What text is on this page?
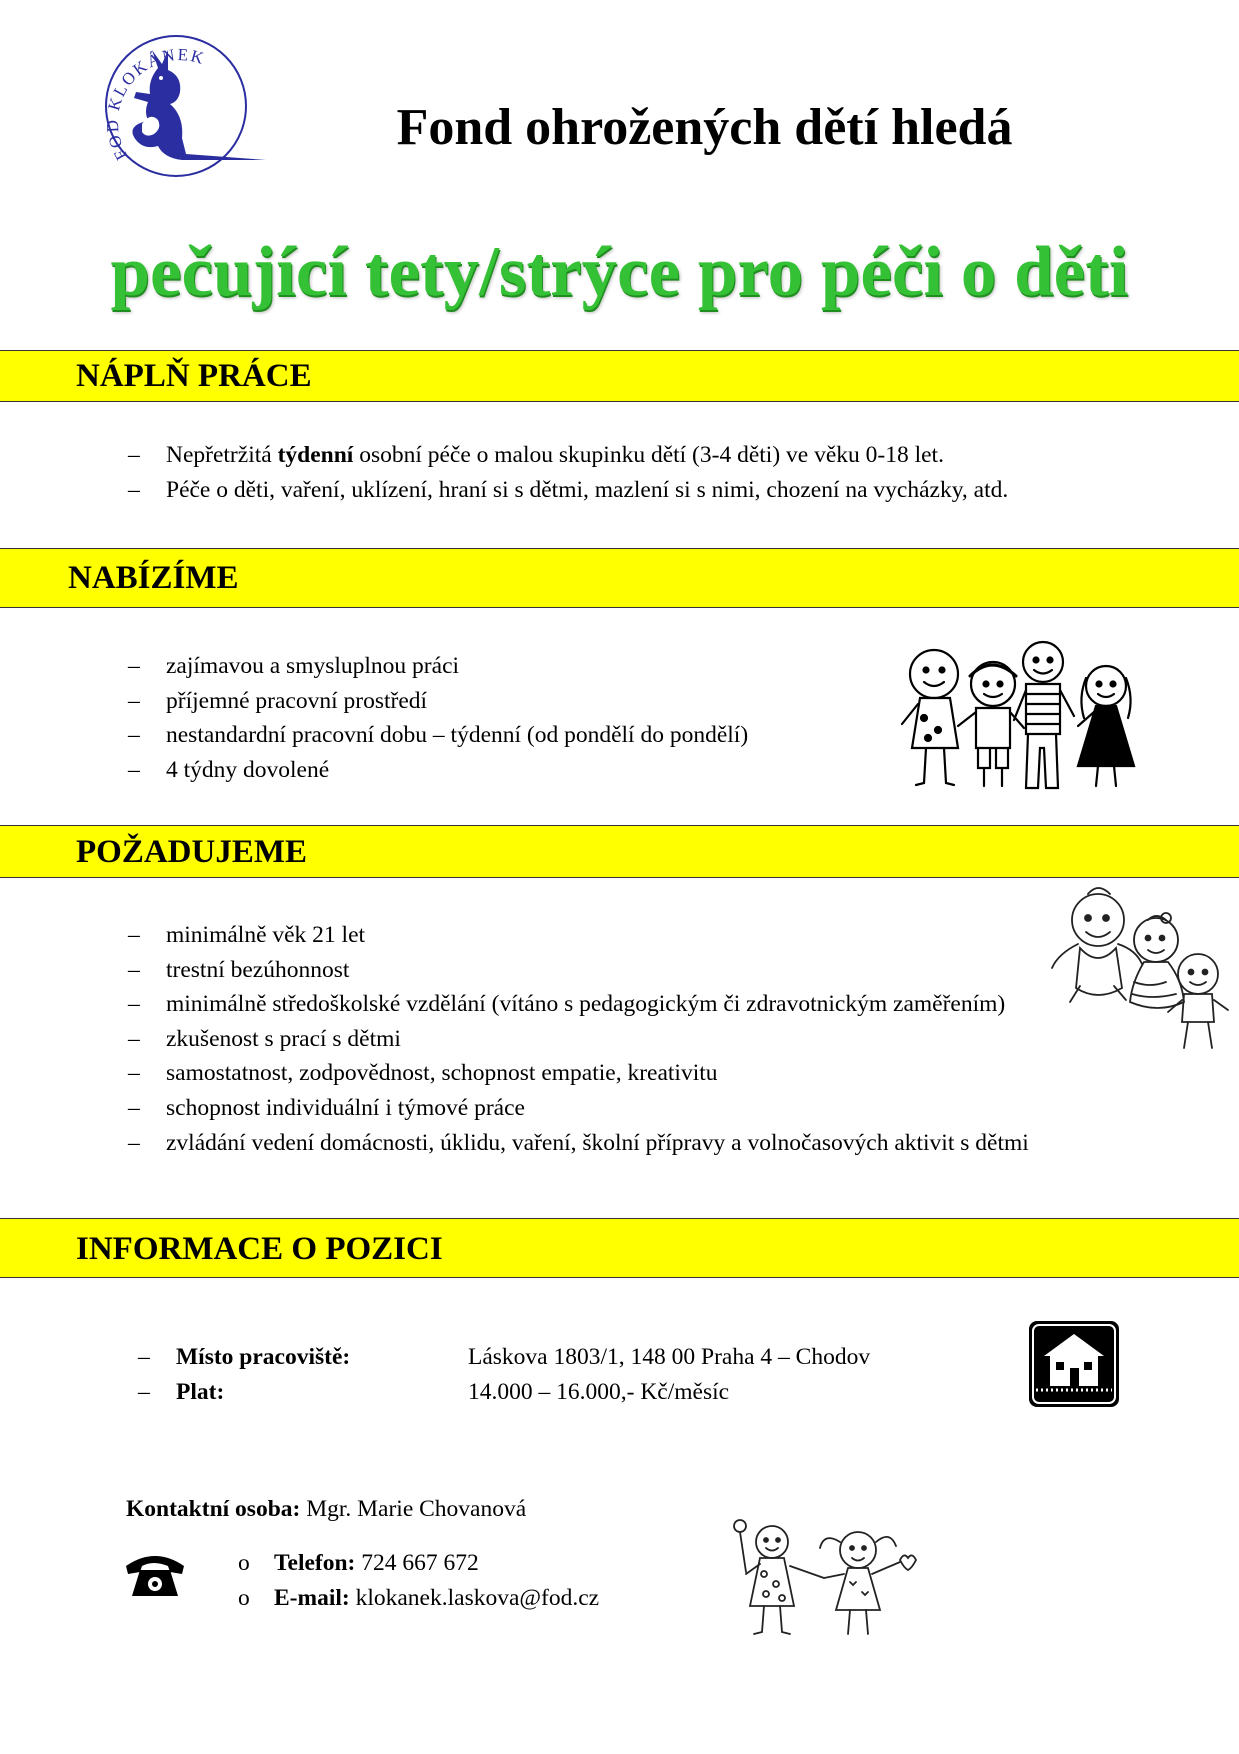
FOD KLOKÁNEK
Fond ohrožených dětí hledá

pečující tety/strýce pro péči o děti

NÁPLŇ PRÁCE
– Nepřetržitá týdenní osobní péče o malou skupinku dětí (3-4 děti) ve věku 0-18 let.
– Péče o děti, vaření, uklízení, hraní si s dětmi, mazlení si s nimi, chození na vycházky, atd.
NABÍZÍME
– zajímavou a smysluplnou práci
– příjemné pracovní prostředí
– nestandardní pracovní dobu – týdenní (od pondělí do pondělí)
– 4 týdny dovolené
POŽADUJEME
– minimálně věk 21 let
– trestní bezúhonnost
– minimálně středoškolské vzdělání (vítáno s pedagogickým či zdravotnickým zaměřením)
– zkušenost s prací s dětmi
– samostatnost, zodpovědnost, schopnost empatie, kreativitu
– schopnost individuální i týmové práce
– zvládání vedení domácnosti, úklidu, vaření, školní přípravy a volnočasových aktivit s dětmi
INFORMACE O POZICI
– Místo pracoviště:	Láskova 1803/1, 148 00 Praha 4 – Chodov
– Plat:	14.000 – 16.000,- Kč/měsíc
Kontaktní osoba: Mgr. Marie Chovanová
o Telefon: 724 667 672
o E-mail: klokanek.laskova@fod.cz
